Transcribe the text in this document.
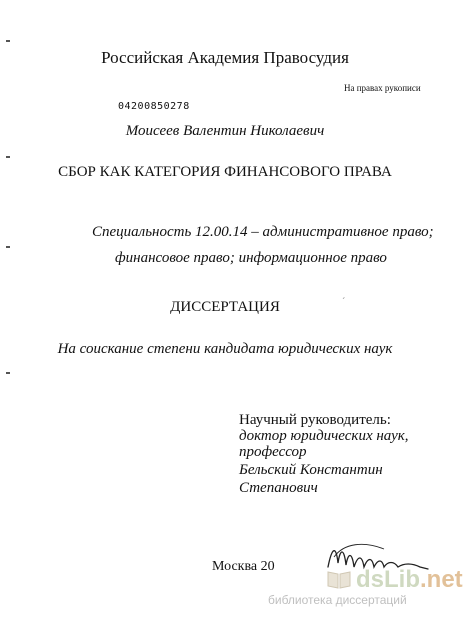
Российская Академия Правосудия
На правах рукописи
04200850278
Моисеев Валентин Николаевич
СБОР КАК КАТЕГОРИЯ ФИНАНСОВОГО ПРАВА
Специальность 12.00.14 – административное право;
финансовое право; информационное право
ДИССЕРТАЦИЯ	´
На соискание степени кандидата юридических наук
Научный руководитель:
доктор юридических наук,
профессор
Бельский Константин
Степанович
Москва 20	dsLib.net
библиотека диссертаций
